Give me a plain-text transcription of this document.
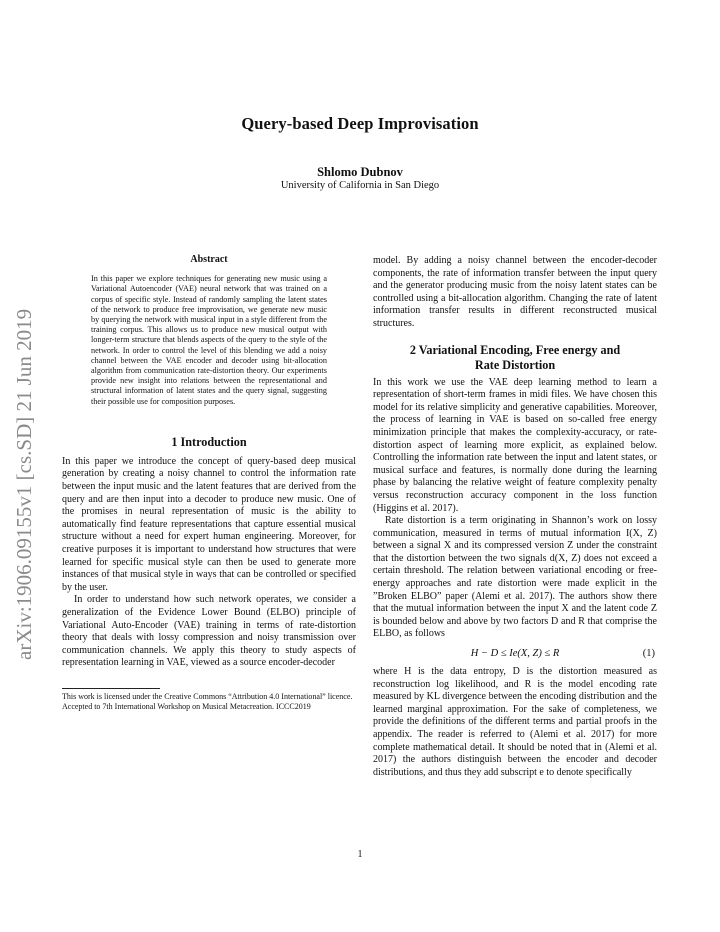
Query-based Deep Improvisation
Shlomo Dubnov
University of California in San Diego
arXiv:1906.09155v1 [cs.SD] 21 Jun 2019
Abstract

In this paper we explore techniques for generating new music using a Variational Autoencoder (VAE) neural network that was trained on a corpus of specific style. Instead of randomly sampling the latent states of the network to produce free improvisation, we generate new music by querying the network with musical input in a style different from the training corpus. This allows us to produce new musical output with longer-term structure that blends aspects of the query to the style of the network. In order to control the level of this blending we add a noisy channel between the VAE encoder and decoder using bit-allocation algorithm from communication rate-distortion theory. Our experiments provide new insight into relations between the representational and structural information of latent states and the query signal, suggesting their possible use for composition purposes.

1 Introduction

In this paper we introduce the concept of query-based deep musical generation by creating a noisy channel to control the information rate between the input music and the latent features that are derived from the query and are then input into a decoder to produce new music. One of the promises in neural representation of music is the ability to automatically find feature representations that capture essential musical structure without a need for expert human engineering. Moreover, for creative purposes it is important to understand how structures that were learned for specific musical style can then be used to generate more instances of that musical style in ways that can be controlled or specified by the user.

In order to understand how such network operates, we consider a generalization of the Evidence Lower Bound (ELBO) principle of Variational Auto-Encoder (VAE) training in terms of rate-distortion theory that deals with lossy compression and noisy transmission over communication channels. We apply this theory to study aspects of representation learning in VAE, viewed as a source encoder-decoder

This work is licensed under the Creative Commons “Attribution 4.0 International” licence.

Accepted to 7th International Workshop on Musical Metacreation. ICCC2019

model. By adding a noisy channel between the encoder-decoder components, the rate of information transfer between the input query and the generator producing music from the noisy latent states can be controlled using a bit-allocation algorithm. Changing the rate of latent information transfer results in different reconstructed musical structures.

2 Variational Encoding, Free energy and
Rate Distortion

In this work we use the VAE deep learning method to learn a representation of short-term frames in midi files. We have chosen this model for its relative simplicity and generative capabilities. Moreover, the process of learning in VAE is based on so-called free energy minimization principle that makes the complexity-accuracy, or rate-distortion aspect of learning more explicit, as explained below. Controlling the information rate between the input and latent states, or musical surface and features, is normally done during the learning phase by balancing the relative weight of feature complexity penalty versus reconstruction accuracy component in the loss function (Higgins et al. 2017).

Rate distortion is a term originating in Shannon’s work on lossy communication, measured in terms of mutual information I(X, Z) between a signal X and its compressed version Z under the constraint that the distortion between the two signals d(X, Z) does not exceed a certain threshold. The relation between variational encoding or free-energy approaches and rate distortion were made explicit in the ”Broken ELBO” paper (Alemi et al. 2017). The authors show there that the mutual information between the input X and the latent code Z is bounded below and above by two factors D and R that comprise the ELBO, as follows

H − D ≤ Ie(X, Z) ≤ R	(1)

where H is the data entropy, D is the distortion measured as reconstruction log likelihood, and R is the model encoding rate measured by KL divergence between the encoding distribution and the learned marginal approximation. For the sake of completeness, we provide the definitions of the different terms and partial proofs in the appendix. The reader is referred to (Alemi et al. 2017) for more complete mathematical detail. It should be noted that in (Alemi et al. 2017) the authors distinguish between the encoder and decoder distributions, and thus they add subscript e to denote specifically

1
